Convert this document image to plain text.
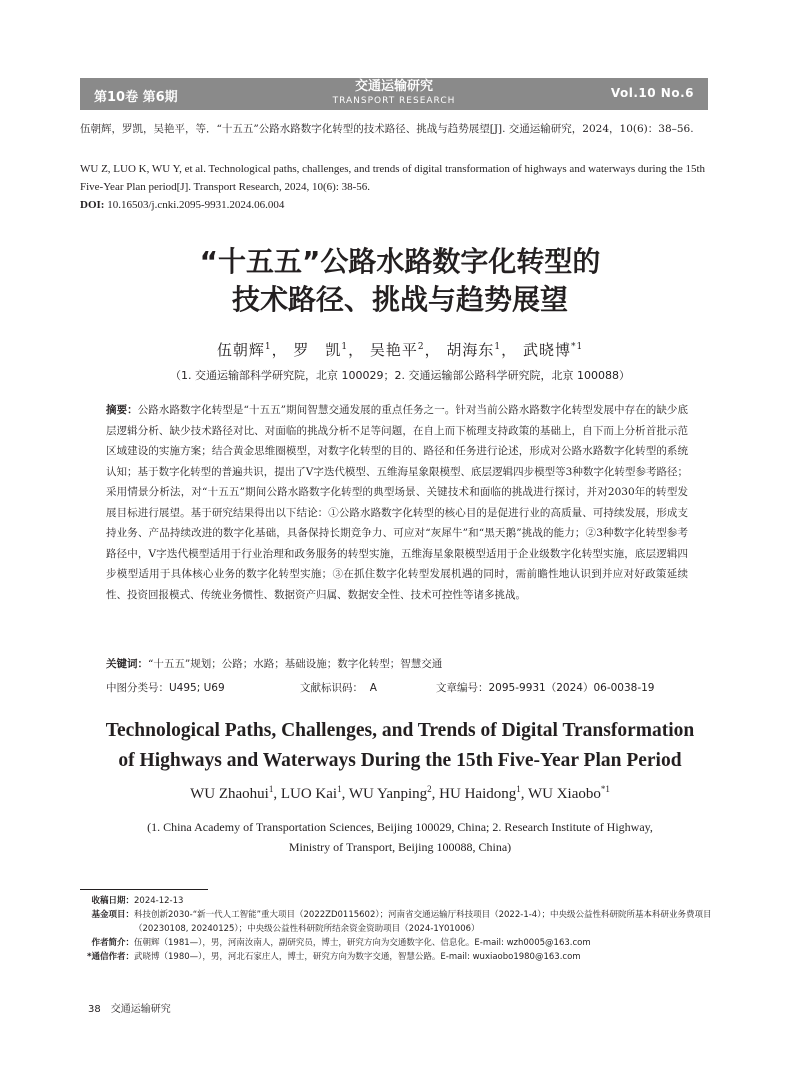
第10卷 第6期
交通运输研究
TRANSPORT RESEARCH
Vol.10 No.6
伍朝辉，罗凯，吴艳平，等．“十五五”公路水路数字化转型的技术路径、挑战与趋势展望[J]. 交通运输研究，2024，10(6)：38–56.
WU Z, LUO K, WU Y, et al. Technological paths, challenges, and trends of digital transformation of highways and waterways during the 15th Five-Year Plan period[J]. Transport Research, 2024, 10(6): 38-56.
DOI: 10.16503/j.cnki.2095-9931.2024.06.004
“十五五”公路水路数字化转型的
技术路径、挑战与趋势展望
伍朝辉$^1$， 罗　凯$^1$， 吴艳平$^2$， 胡海东$^1$， 武晓博$^{*1}$
（1. 交通运输部科学研究院，北京 100029；2. 交通运输部公路科学研究院，北京 100088）
摘要：公路水路数字化转型是“十五五”期间智慧交通发展的重点任务之一。针对当前公路水路数字化转型发展中存在的缺少底层逻辑分析、缺少技术路径对比、对面临的挑战分析不足等问题，在自上而下梳理支持政策的基础上，自下而上分析首批示范区域建设的实施方案；结合黄金思维圈模型，对数字化转型的目的、路径和任务进行论述，形成对公路水路数字化转型的系统认知；基于数字化转型的普遍共识，提出了V字迭代模型、五维海星象限模型、底层逻辑四步模型等3种数字化转型参考路径；采用情景分析法，对“十五五”期间公路水路数字化转型的典型场景、关键技术和面临的挑战进行探讨，并对2030年的转型发展目标进行展望。基于研究结果得出以下结论：①公路水路数字化转型的核心目的是促进行业的高质量、可持续发展，形成支持业务、产品持续改进的数字化基础，具备保持长期竞争力、可应对“灰犀牛”和“黑天鹅”挑战的能力；②3种数字化转型参考路径中，V字迭代模型适用于行业治理和政务服务的转型实施，五维海星象限模型适用于企业级数字化转型实施，底层逻辑四步模型适用于具体核心业务的数字化转型实施；③在抓住数字化转型发展机遇的同时，需前瞻性地认识到并应对好政策延续性、投资回报模式、传统业务惯性、数据资产归属、数据安全性、技术可控性等诸多挑战。
关键词：“十五五”规划；公路；水路；基础设施；数字化转型；智慧交通
中图分类号：U495; U69	文献标识码： A	文章编号：2095-9931（2024）06-0038-19
Technological Paths, Challenges, and Trends of Digital Transformation
of Highways and Waterways During the 15th Five-Year Plan Period
WU Zhaohui$^1$, LUO Kai$^1$, WU Yanping$^2$, HU Haidong$^1$, WU Xiaobo$^{*1}$
(1. China Academy of Transportation Sciences, Beijing 100029, China; 2. Research Institute of Highway,
Ministry of Transport, Beijing 100088, China)
收稿日期： 2024-12-13
基金项目： 科技创新2030-“新一代人工智能”重大项目（2022ZD0115602）；河南省交通运输厅科技项目（2022-1-4）；中央级公益性科研院所基本科研业务费项目（20230108, 20240125）；中央级公益性科研院所结余资金资助项目（2024-1Y01006）
作者简介： 伍朝辉（1981—），男，河南汝南人，副研究员，博士，研究方向为交通数字化、信息化。E-mail: wzh0005@163.com
*通信作者： 武晓博（1980—），男，河北石家庄人，博士，研究方向为数字交通，智慧公路。E-mail: wuxiaobo1980@163.com
38 交通运输研究
